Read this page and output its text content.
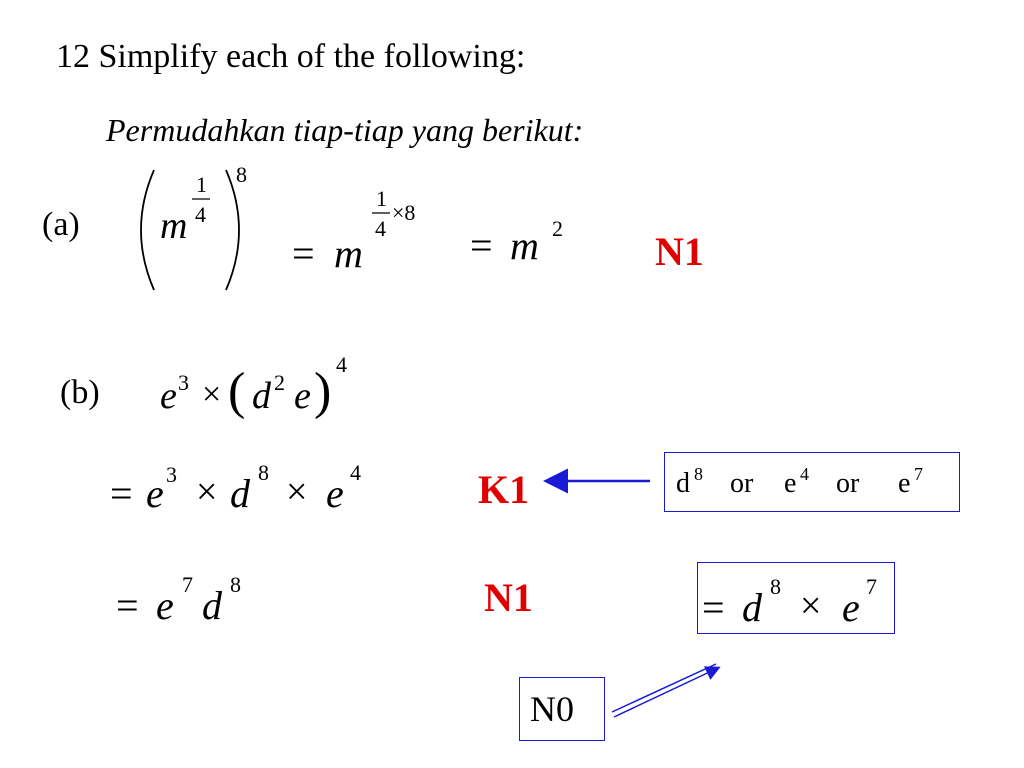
12 Simplify each of the following:
Permudahkan tiap-tiap yang berikut:
(a) m
1
4
8
= m
1
4
×8
= m 2
N1
(b) e 3 × ( d 2 e ) 4
= e 3 × d 8 × e 4	K1
= e 7 d 8	N1
d 8 or e 4 or e 7
= d 8 × e 7
N0
